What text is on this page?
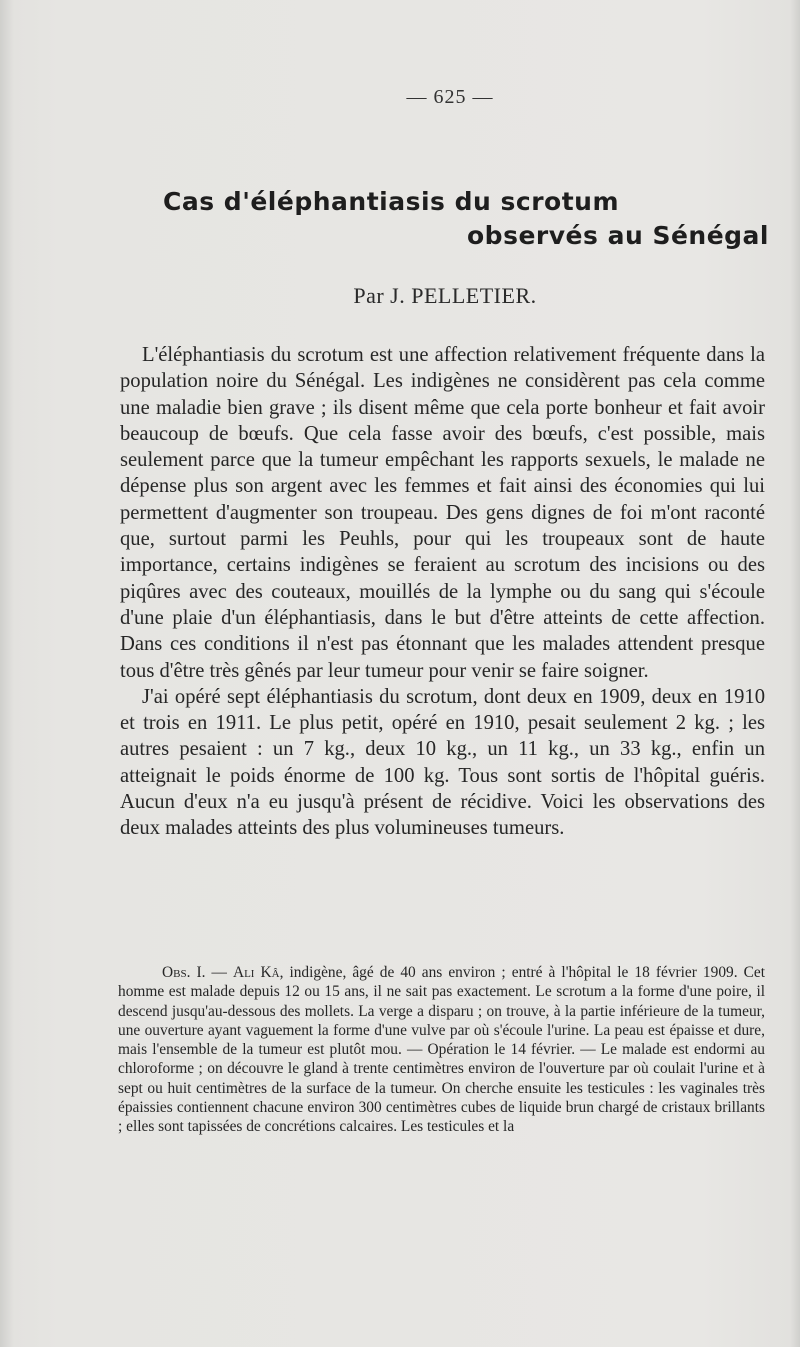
— 625 —
Cas d'éléphantiasis du scrotum
observés au Sénégal
Par J. PELLETIER.

L'éléphantiasis du scrotum est une affection relativement fréquente dans la population noire du Sénégal. Les indigènes ne considèrent pas cela comme une maladie bien grave ; ils disent même que cela porte bonheur et fait avoir beaucoup de bœufs. Que cela fasse avoir des bœufs, c'est possible, mais seulement parce que la tumeur empêchant les rapports sexuels, le malade ne dépense plus son argent avec les femmes et fait ainsi des économies qui lui permettent d'augmenter son troupeau. Des gens dignes de foi m'ont raconté que, surtout parmi les Peuhls, pour qui les troupeaux sont de haute importance, certains indigènes se feraient au scrotum des incisions ou des piqûres avec des couteaux, mouillés de la lymphe ou du sang qui s'écoule d'une plaie d'un éléphantiasis, dans le but d'être atteints de cette affection. Dans ces conditions il n'est pas étonnant que les malades attendent presque tous d'être très gênés par leur tumeur pour venir se faire soigner.

J'ai opéré sept éléphantiasis du scrotum, dont deux en 1909, deux en 1910 et trois en 1911. Le plus petit, opéré en 1910, pesait seulement 2 kg. ; les autres pesaient : un 7 kg., deux 10 kg., un 11 kg., un 33 kg., enfin un atteignait le poids énorme de 100 kg. Tous sont sortis de l'hôpital guéris. Aucun d'eux n'a eu jusqu'à présent de récidive. Voici les observations des deux malades atteints des plus volumineuses tumeurs.

Obs. I. — Ali Kâ, indigène, âgé de 40 ans environ ; entré à l'hôpital le 18 février 1909. Cet homme est malade depuis 12 ou 15 ans, il ne sait pas exactement. Le scrotum a la forme d'une poire, il descend jusqu'au-dessous des mollets. La verge a disparu ; on trouve, à la partie inférieure de la tumeur, une ouverture ayant vaguement la forme d'une vulve par où s'écoule l'urine. La peau est épaisse et dure, mais l'ensemble de la tumeur est plutôt mou. — Opération le 14 février. — Le malade est endormi au chloroforme ; on découvre le gland à trente centimètres environ de l'ouverture par où coulait l'urine et à sept ou huit centimètres de la surface de la tumeur. On cherche ensuite les testicules : les vaginales très épaissies contiennent chacune environ 300 centimètres cubes de liquide brun chargé de cristaux brillants ; elles sont tapissées de concrétions calcaires. Les testicules et la
